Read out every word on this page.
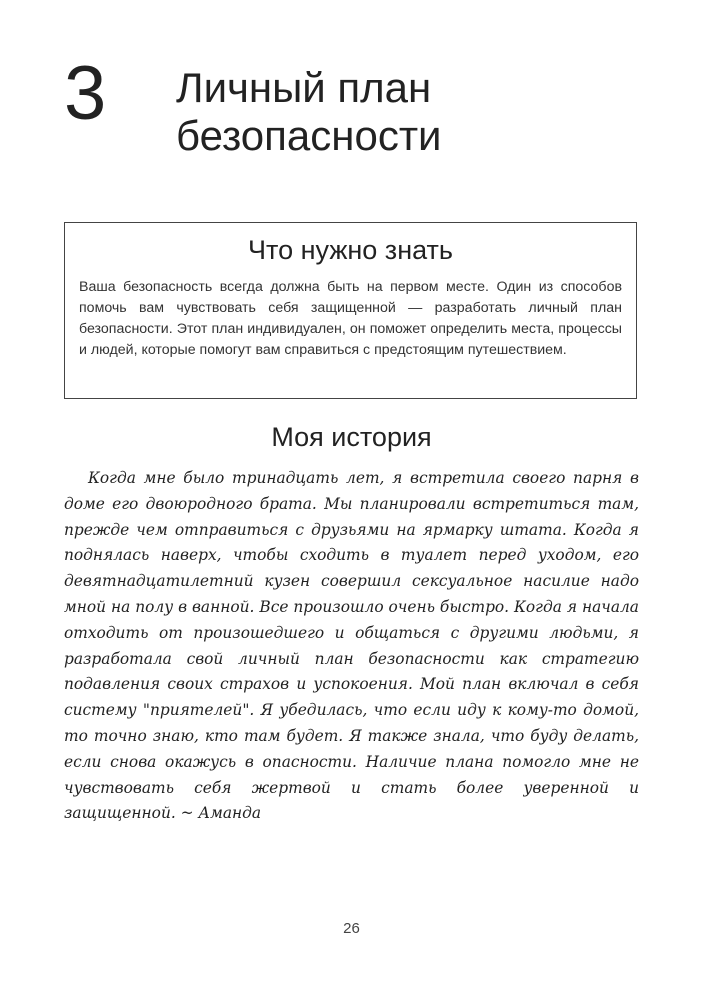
3 Личный план
безопасности
Что нужно знать

Ваша безопасность всегда должна быть на первом месте. Один из способов помочь вам чувствовать себя защищенной — разработать личный план безопасности. Этот план индивидуален, он поможет определить места, процессы и людей, которые помогут вам справиться с предстоящим путешествием.

Моя история

Когда мне было тринадцать лет, я встретила своего парня в доме его двоюродного брата. Мы планировали встретиться там, прежде чем отправиться с друзьями на ярмарку штата. Когда я поднялась наверх, чтобы сходить в туалет перед уходом, его девятнадцатилетний кузен совершил сексуальное насилие надо мной на полу в ванной. Все произошло очень быстро. Когда я начала отходить от произошедшего и общаться с другими людьми, я разработала свой личный план безопасности как стратегию подавления своих страхов и успокоения. Мой план включал в себя систему "приятелей". Я убедилась, что если иду к кому-то домой, то точно знаю, кто там будет. Я также знала, что буду делать, если снова окажусь в опасности. Наличие плана помогло мне не чувствовать себя жертвой и стать более уверенной и защищенной. ~ Аманда

26
